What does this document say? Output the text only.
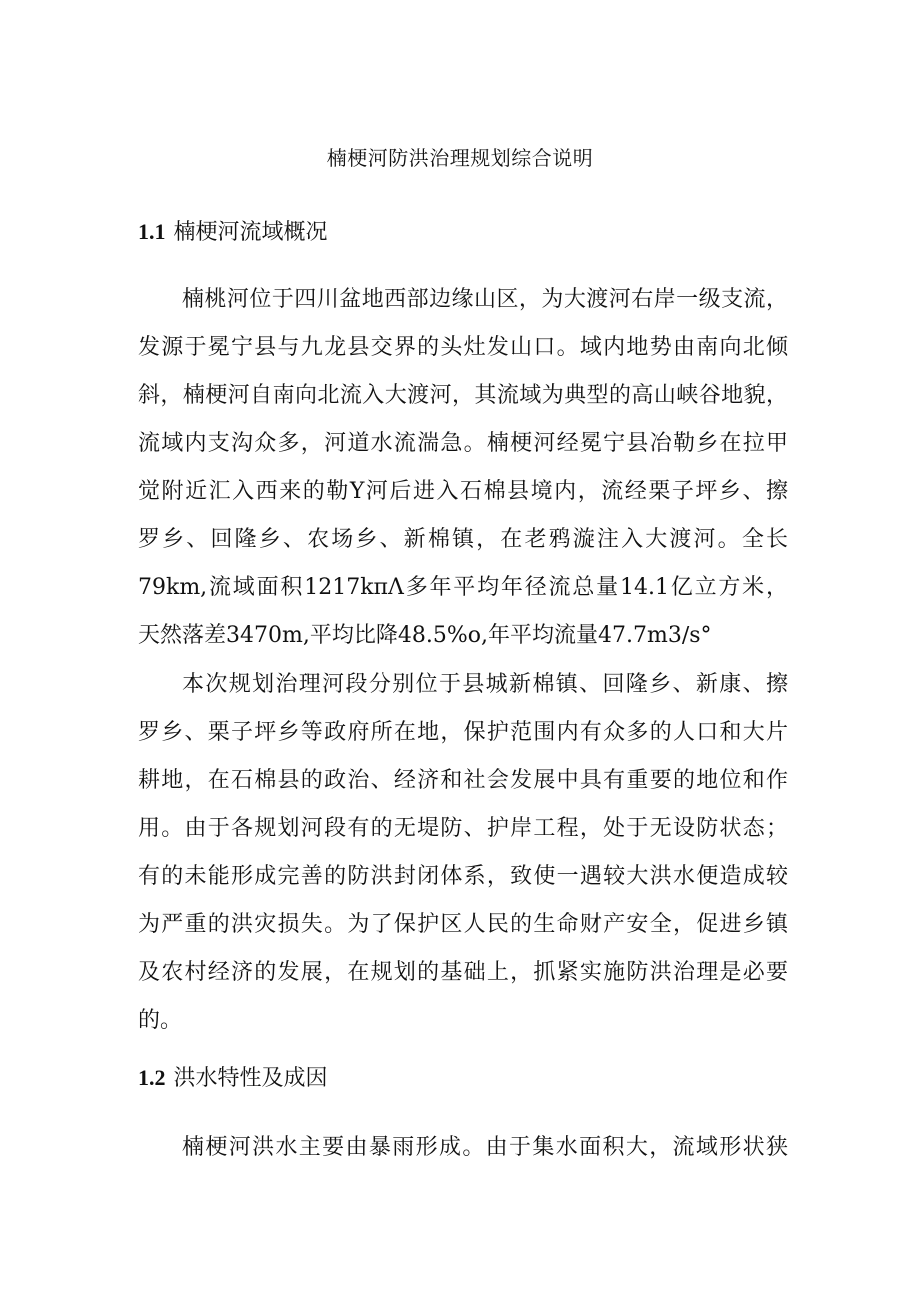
楠梗河防洪治理规划综合说明
1.1 楠梗河流域概况
楠桃河位于四川盆地西部边缘山区，为大渡河右岸一级支流，
发源于冕宁县与九龙县交界的头灶发山口。域内地势由南向北倾
斜，楠梗河自南向北流入大渡河，其流域为典型的高山峡谷地貌，
流域内支沟众多，河道水流湍急。楠梗河经冕宁县冶勒乡在拉甲
觉附近汇入西来的勒Y河后进入石棉县境内，流经栗子坪乡、擦
罗乡、回隆乡、农场乡、新棉镇，在老鸦漩注入大渡河。全长
79km,流域面积1217kπΛ多年平均年径流总量14.1亿立方米，
天然落差3470m,平均比降48.5%o,年平均流量47.7m3∕s°
本次规划治理河段分别位于县城新棉镇、回隆乡、新康、擦
罗乡、栗子坪乡等政府所在地，保护范围内有众多的人口和大片
耕地，在石棉县的政治、经济和社会发展中具有重要的地位和作
用。由于各规划河段有的无堤防、护岸工程，处于无设防状态；
有的未能形成完善的防洪封闭体系，致使一遇较大洪水便造成较
为严重的洪灾损失。为了保护区人民的生命财产安全，促进乡镇
及农村经济的发展，在规划的基础上，抓紧实施防洪治理是必要
的。
1.2 洪水特性及成因
楠梗河洪水主要由暴雨形成。由于集水面积大，流域形状狭
